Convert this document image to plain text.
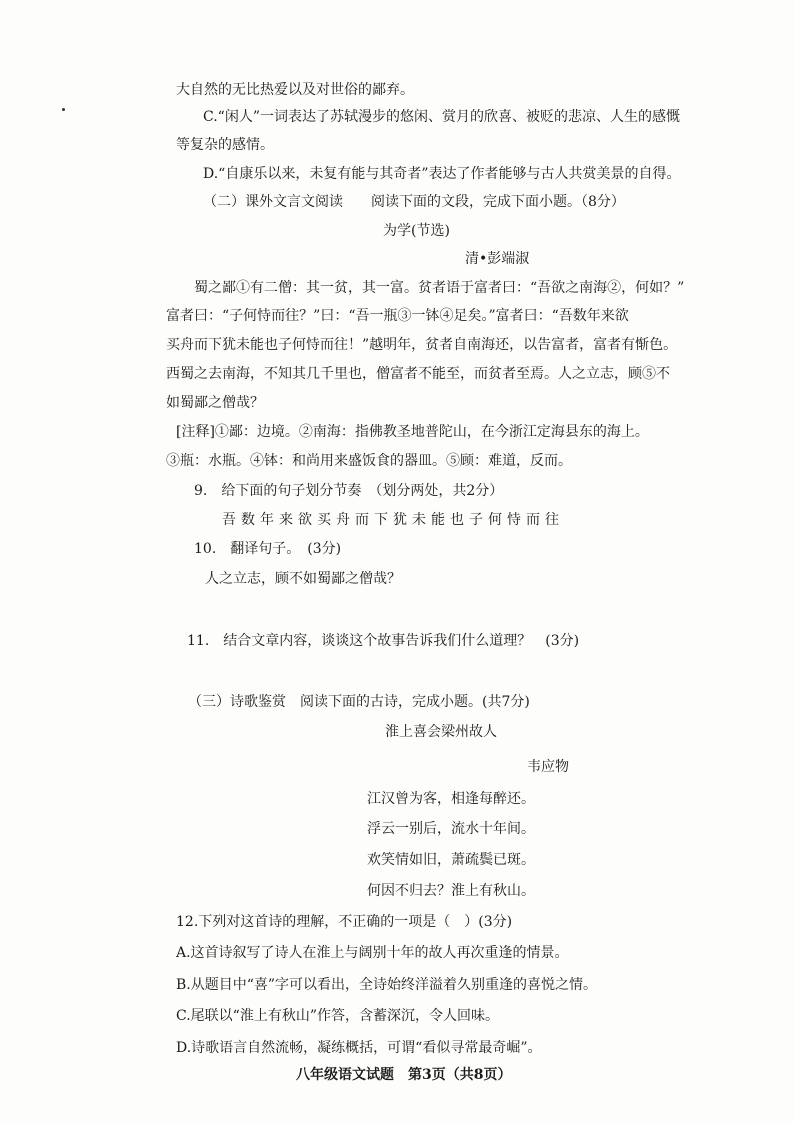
大自然的无比热爱以及对世俗的鄙弃。
C.“闲人”一词表达了苏轼漫步的悠闲、赏月的欣喜、被贬的悲凉、人生的感慨
等复杂的感情。
D.“自康乐以来，未复有能与其奇者”表达了作者能够与古人共赏美景的自得。
（二）课外文言文阅读　　阅读下面的文段，完成下面小题。（8分）
为学(节选)
清•彭端淑
蜀之鄙①有二僧：其一贫，其一富。贫者语于富者曰：“吾欲之南海②，何如？”
富者曰：“子何恃而往？”曰：“吾一瓶③一钵④足矣。”富者曰：“吾数年来欲
买舟而下犹未能也子何恃而往！”越明年，贫者自南海还，以告富者，富者有惭色。
西蜀之去南海，不知其几千里也，僧富者不能至，而贫者至焉。人之立志，顾⑤不
如蜀鄙之僧哉？
[注释]①鄙：边境。②南海：指佛教圣地普陀山，在今浙江定海县东的海上。
③瓶：水瓶。④钵：和尚用来盛饭食的器皿。⑤顾：难道，反而。
9.　给下面的句子划分节奏　（划分两处，共2分）
吾数年来欲买舟而下犹未能也子何恃而往
10.　翻译句子。　(3分)
人之立志，顾不如蜀鄙之僧哉？
11.　结合文章内容，谈谈这个故事告诉我们什么道理？　(3分)
（三）诗歌鉴赏　阅读下面的古诗，完成小题。(共7分)
淮上喜会梁州故人
韦应物
江汉曾为客，相逢每醉还。
浮云一别后，流水十年间。
欢笑情如旧，萧疏鬓已斑。
何因不归去？淮上有秋山。
12.下列对这首诗的理解，不正确的一项是（　）(3分)
A.这首诗叙写了诗人在淮上与阔别十年的故人再次重逢的情景。
B.从题目中“喜”字可以看出，全诗始终洋溢着久别重逢的喜悦之情。
C.尾联以“淮上有秋山”作答，含蓄深沉，令人回味。
D.诗歌语言自然流畅，凝练概括，可谓“看似寻常最奇崛”。
八年级语文试题　第3页（共8页）
